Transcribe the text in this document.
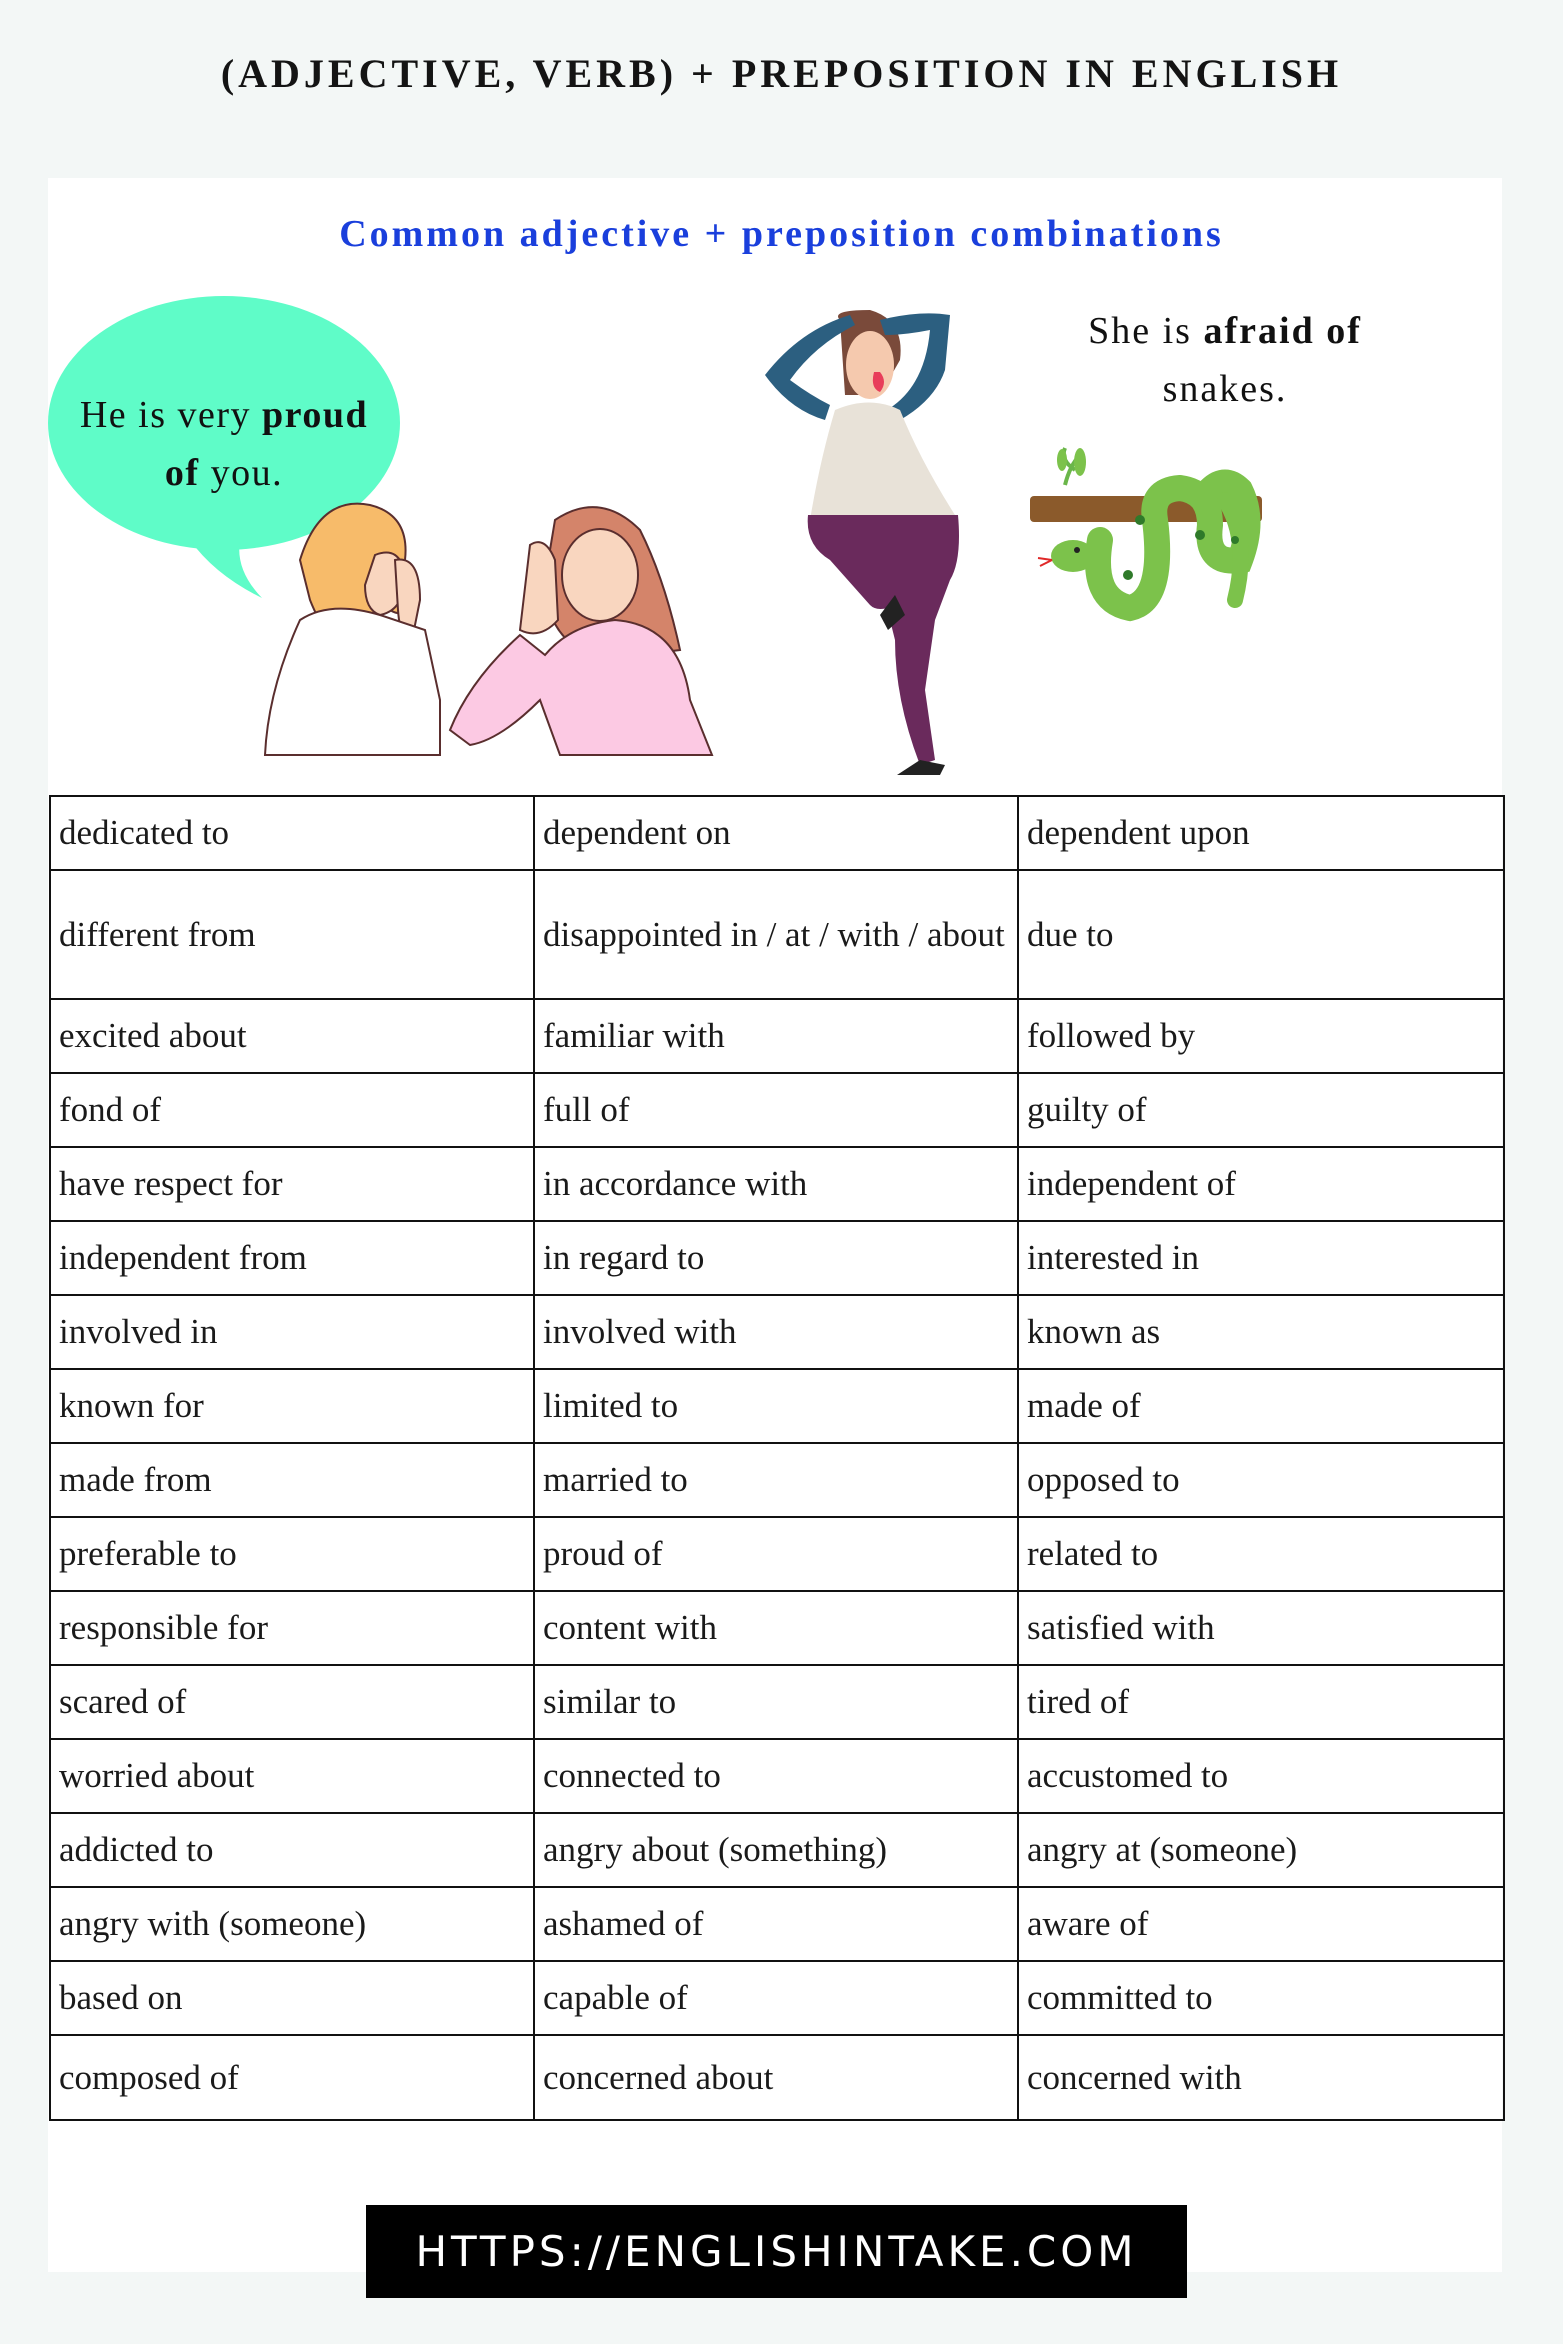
(ADJECTIVE, VERB) + PREPOSITION IN ENGLISH
Common adjective + preposition combinations
He is very proud
of you.
She is afraid of
snakes.
dedicated to	dependent on	dependent upon
different from	disappointed in / at / with / about	due to
excited about	familiar with	followed by
fond of	full of	guilty of
have respect for	in accordance with	independent of
independent from	in regard to	interested in
involved in	involved with	known as
known for	limited to	made of
made from	married to	opposed to
preferable to	proud of	related to
responsible for	content with	satisfied with
scared of	similar to	tired of
worried about	connected to	accustomed to
addicted to	angry about (something)	angry at (someone)
angry with (someone)	ashamed of	aware of
based on	capable of	committed to
composed of	concerned about	concerned with
HTTPS://ENGLISHINTAKE.COM
